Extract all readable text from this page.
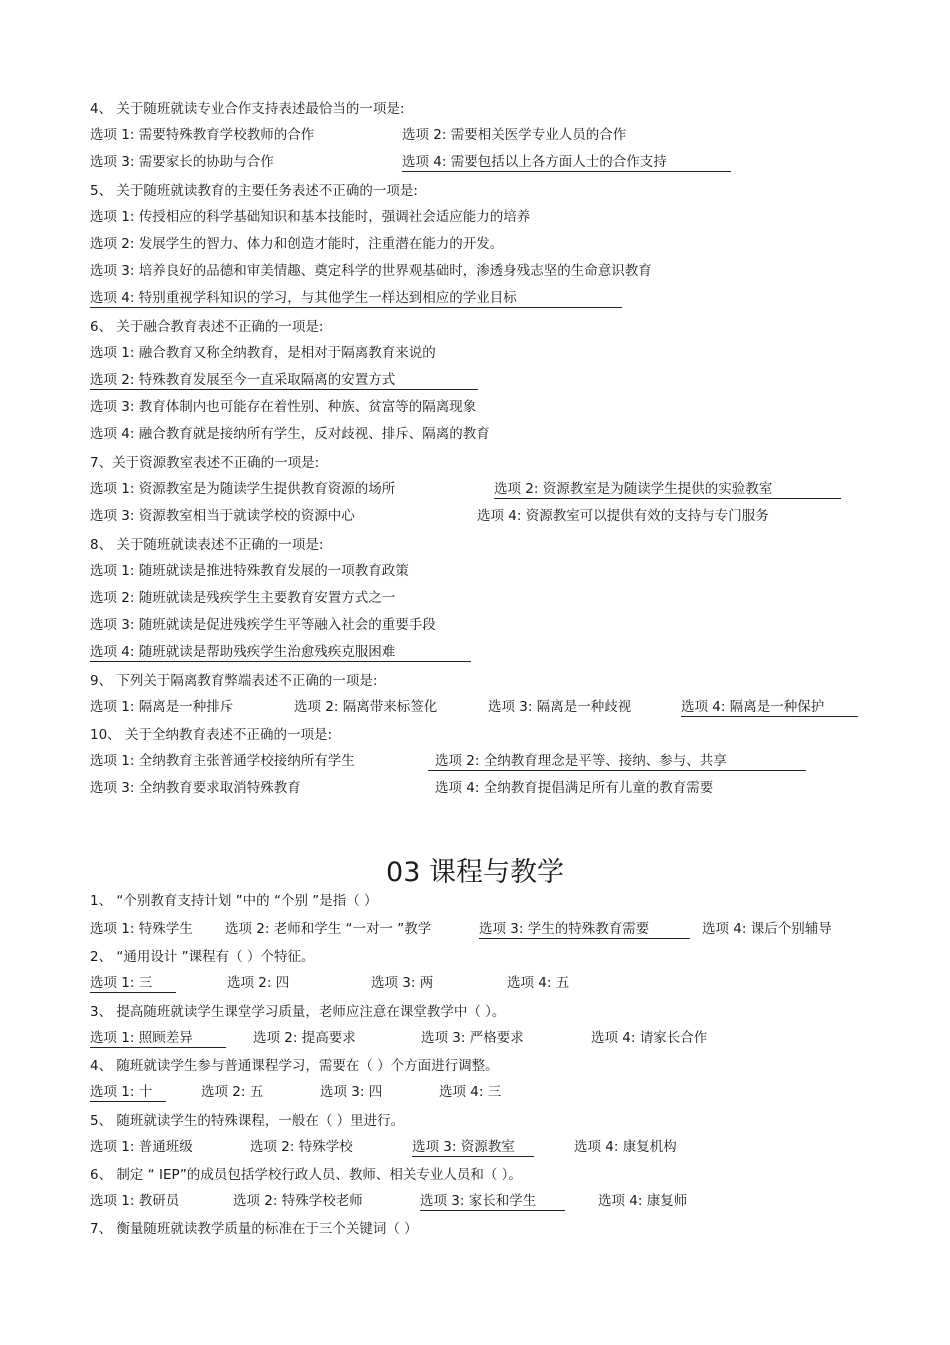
4、 关于随班就读专业合作支持表述最恰当的一项是:
选项 1: 需要特殊教育学校教师的合作	选项 2: 需要相关医学专业人员的合作
选项 3: 需要家长的协助与合作	选项 4: 需要包括以上各方面人士的合作支持
5、 关于随班就读教育的主要任务表述不正确的一项是:
选项 1: 传授相应的科学基础知识和基本技能时，强调社会适应能力的培养
选项 2: 发展学生的智力、体力和创造才能时，注重潜在能力的开发。
选项 3: 培养良好的品德和审美情趣、奠定科学的世界观基础时，渗透身残志坚的生命意识教育
选项 4: 特别重视学科知识的学习，与其他学生一样达到相应的学业目标
6、 关于融合教育表述不正确的一项是:
选项 1: 融合教育又称全纳教育，是相对于隔离教育来说的
选项 2: 特殊教育发展至今一直采取隔离的安置方式
选项 3: 教育体制内也可能存在着性别、种族、贫富等的隔离现象
选项 4: 融合教育就是接纳所有学生，反对歧视、排斥、隔离的教育
7、关于资源教室表述不正确的一项是:
选项 1: 资源教室是为随读学生提供教育资源的场所	选项 2: 资源教室是为随读学生提供的实验教室
选项 3: 资源教室相当于就读学校的资源中心	选项 4: 资源教室可以提供有效的支持与专门服务
8、 关于随班就读表述不正确的一项是:
选项 1: 随班就读是推进特殊教育发展的一项教育政策
选项 2: 随班就读是残疾学生主要教育安置方式之一
选项 3: 随班就读是促进残疾学生平等融入社会的重要手段
选项 4: 随班就读是帮助残疾学生治愈残疾克服困难
9、 下列关于隔离教育弊端表述不正确的一项是:
选项 1: 隔离是一种排斥	选项 2: 隔离带来标签化	选项 3: 隔离是一种歧视	选项 4: 隔离是一种保护
10、 关于全纳教育表述不正确的一项是:
选项 1: 全纳教育主张普通学校接纳所有学生	选项 2: 全纳教育理念是平等、接纳、参与、共享
选项 3: 全纳教育要求取消特殊教育	选项 4: 全纳教育提倡满足所有儿童的教育需要
03 课程与教学
1、 “个别教育支持计划 ”中的 “个别 ”是指（ ）
选项 1: 特殊学生 选项 2: 老师和学生 “一对一 ”教学	选项 3: 学生的特殊教育需要	选项 4: 课后个别辅导
2、 “通用设计 ”课程有（ ）个特征。
选项 1: 三	选项 2: 四	选项 3: 两	选项 4: 五
3、 提高随班就读学生课堂学习质量，老师应注意在课堂教学中（ ）。
选项 1: 照顾差异	选项 2: 提高要求	选项 3: 严格要求	选项 4: 请家长合作
4、 随班就读学生参与普通课程学习，需要在（ ）个方面进行调整。
选项 1: 十	选项 2: 五	选项 3: 四	选项 4: 三
5、 随班就读学生的特殊课程，一般在（ ）里进行。
选项 1: 普通班级	选项 2: 特殊学校	选项 3: 资源教室	选项 4: 康复机构
6、 制定 “ IEP”的成员包括学校行政人员、教师、相关专业人员和（ ）。
选项 1: 教研员	选项 2: 特殊学校老师	选项 3: 家长和学生	选项 4: 康复师
7、 衡量随班就读教学质量的标准在于三个关键词（ ）
